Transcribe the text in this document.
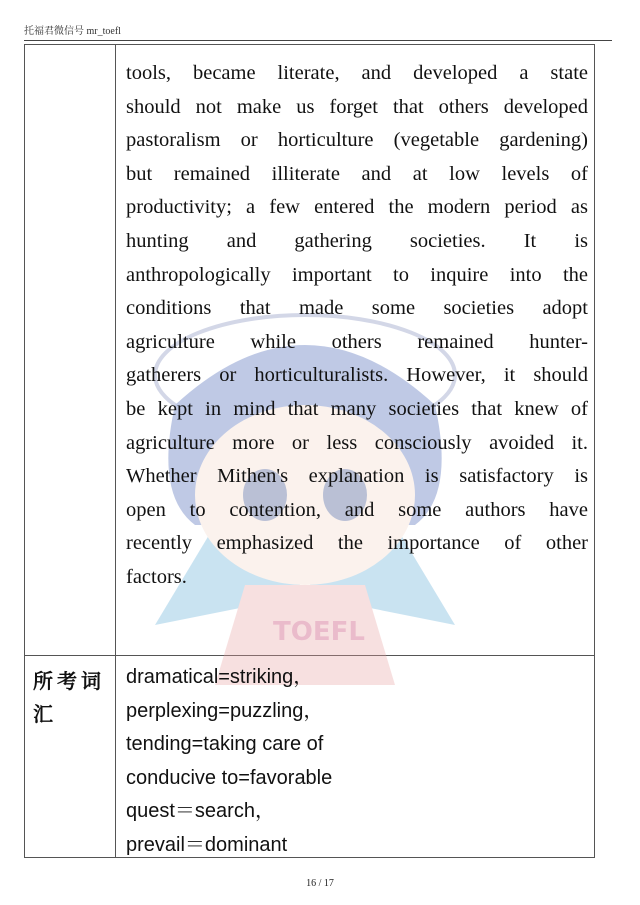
托福君微信号 mr_toefl
TOEFL
tools, became literate, and developed a state
should not make us forget that others developed
pastoralism or horticulture (vegetable gardening)
but remained illiterate and at low levels of
productivity; a few entered the modern period as
hunting and gathering societies. It is
anthropologically important to inquire into the
conditions that made some societies adopt
agriculture while others remained hunter-
gatherers or horticulturalists. However, it should
be kept in mind that many societies that knew of
agriculture more or less consciously avoided it.
Whether Mithen's explanation is satisfactory is
open to contention, and some authors have
recently emphasized the importance of other
factors.
所考词
汇
dramatical=striking，
perplexing=puzzling，
tending=taking care of
conducive to=favorable
quest＝search，
prevail＝dominant
16 / 17
